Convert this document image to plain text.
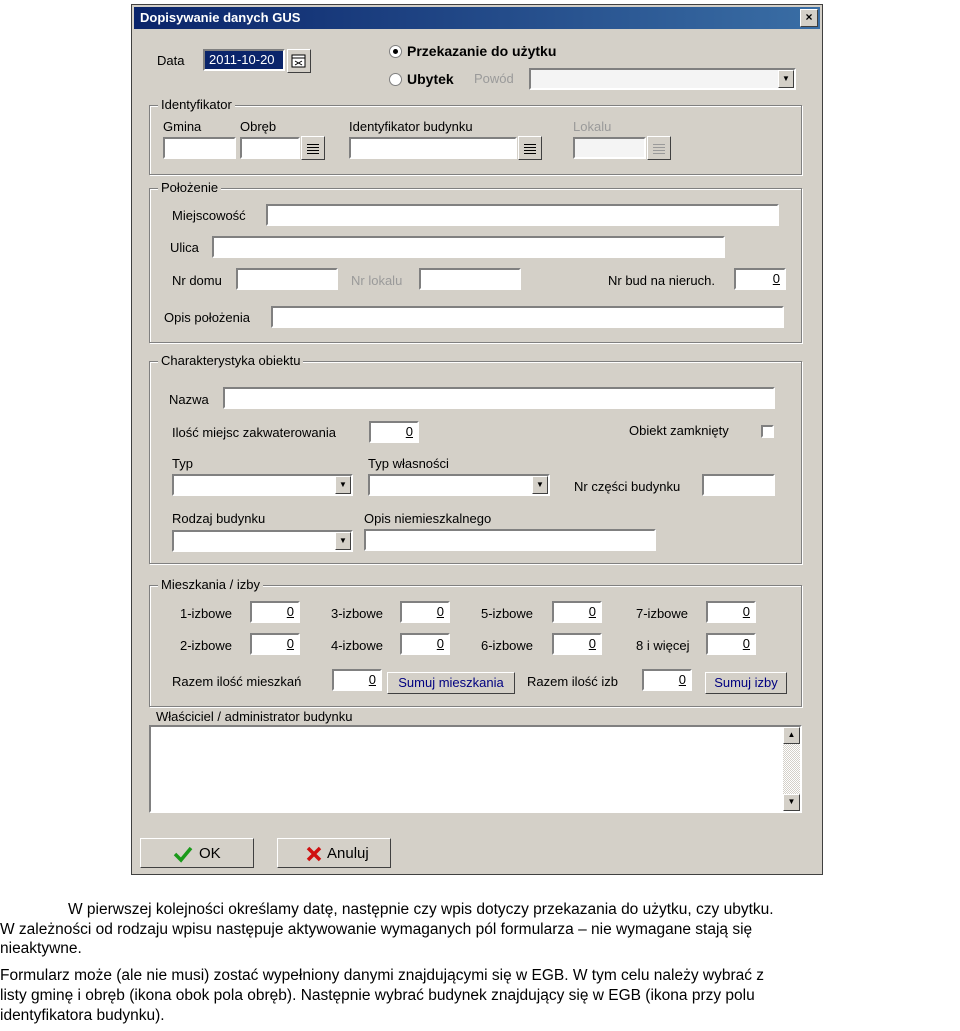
Dopisywanie danych GUS	×
Data	2011-10-20
Przekazanie do użytku
Ubytek Powód	▼
Identyfikator
Gmina	Obręb	Identyfikator budynku	Lokalu
Położenie
Miejscowość
Ulica
Nr domu	Nr lokalu	Nr bud na nieruch.	0
Opis położenia
Charakterystyka obiektu
Nazwa
Ilość miejsc zakwaterowania	0	Obiekt zamknięty
Typ	Typ własności
▼	▼	Nr części budynku
Rodzaj budynku	Opis niemieszkalnego
▼
Mieszkania / izby
1-izbowe	0	3-izbowe	0	5-izbowe	0	7-izbowe	0
2-izbowe	0	4-izbowe	0	6-izbowe	0	8 i więcej	0
Razem ilość mieszkań	0	Sumuj mieszkania	Razem ilość izb	0	Sumuj izby
Właściciel / administrator budynku
▲
▼
OK	Anuluj
W pierwszej kolejności określamy datę, następnie czy wpis dotyczy przekazania do użytku, czy ubytku.
W zależności od rodzaju wpisu następuje aktywowanie wymaganych pól formularza – nie wymagane stają się
nieaktywne.
Formularz może (ale nie musi) zostać wypełniony danymi znajdującymi się w EGB. W tym celu należy wybrać z
listy gminę i obręb (ikona obok pola obręb). Następnie wybrać budynek znajdujący się w EGB (ikona przy polu
identyfikatora budynku).
